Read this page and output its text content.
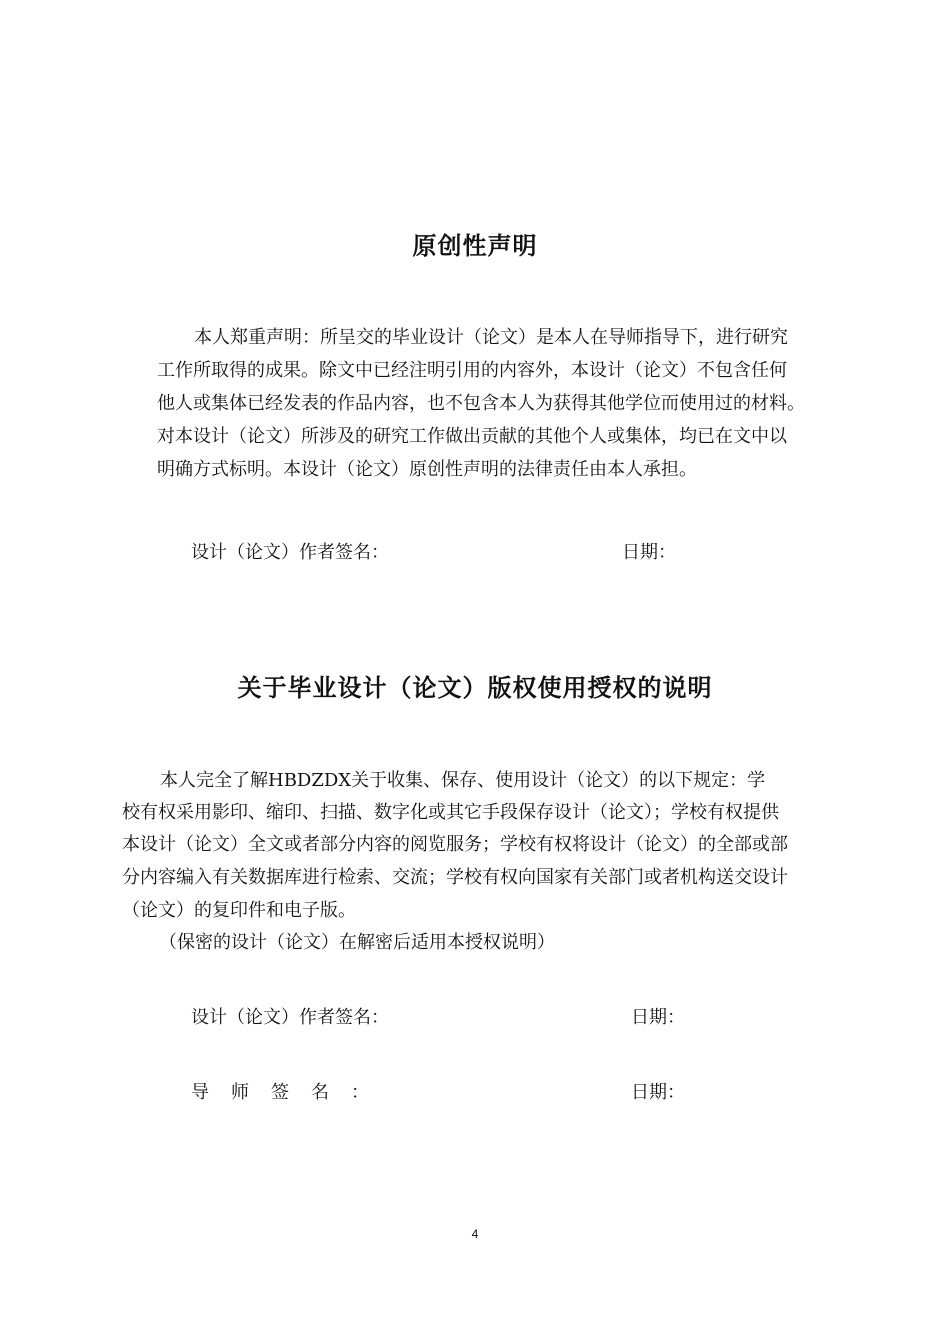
原创性声明
本人郑重声明：所呈交的毕业设计（论文）是本人在导师指导下，进行研究
工作所取得的成果。除文中已经注明引用的内容外，本设计（论文）不包含任何
他人或集体已经发表的作品内容，也不包含本人为获得其他学位而使用过的材料。
对本设计（论文）所涉及的研究工作做出贡献的其他个人或集体，均已在文中以
明确方式标明。本设计（论文）原创性声明的法律责任由本人承担。
设计（论文）作者签名：	日期：
关于毕业设计（论文）版权使用授权的说明
本人完全了解HBDZDX关于收集、保存、使用设计（论文）的以下规定：学
校有权采用影印、缩印、扫描、数字化或其它手段保存设计（论文）；学校有权提供
本设计（论文）全文或者部分内容的阅览服务；学校有权将设计（论文）的全部或部
分内容编入有关数据库进行检索、交流；学校有权向国家有关部门或者机构送交设计
（论文）的复印件和电子版。
（保密的设计（论文）在解密后适用本授权说明）
设计（论文）作者签名：	日期：
导师签名：	日期：
4
